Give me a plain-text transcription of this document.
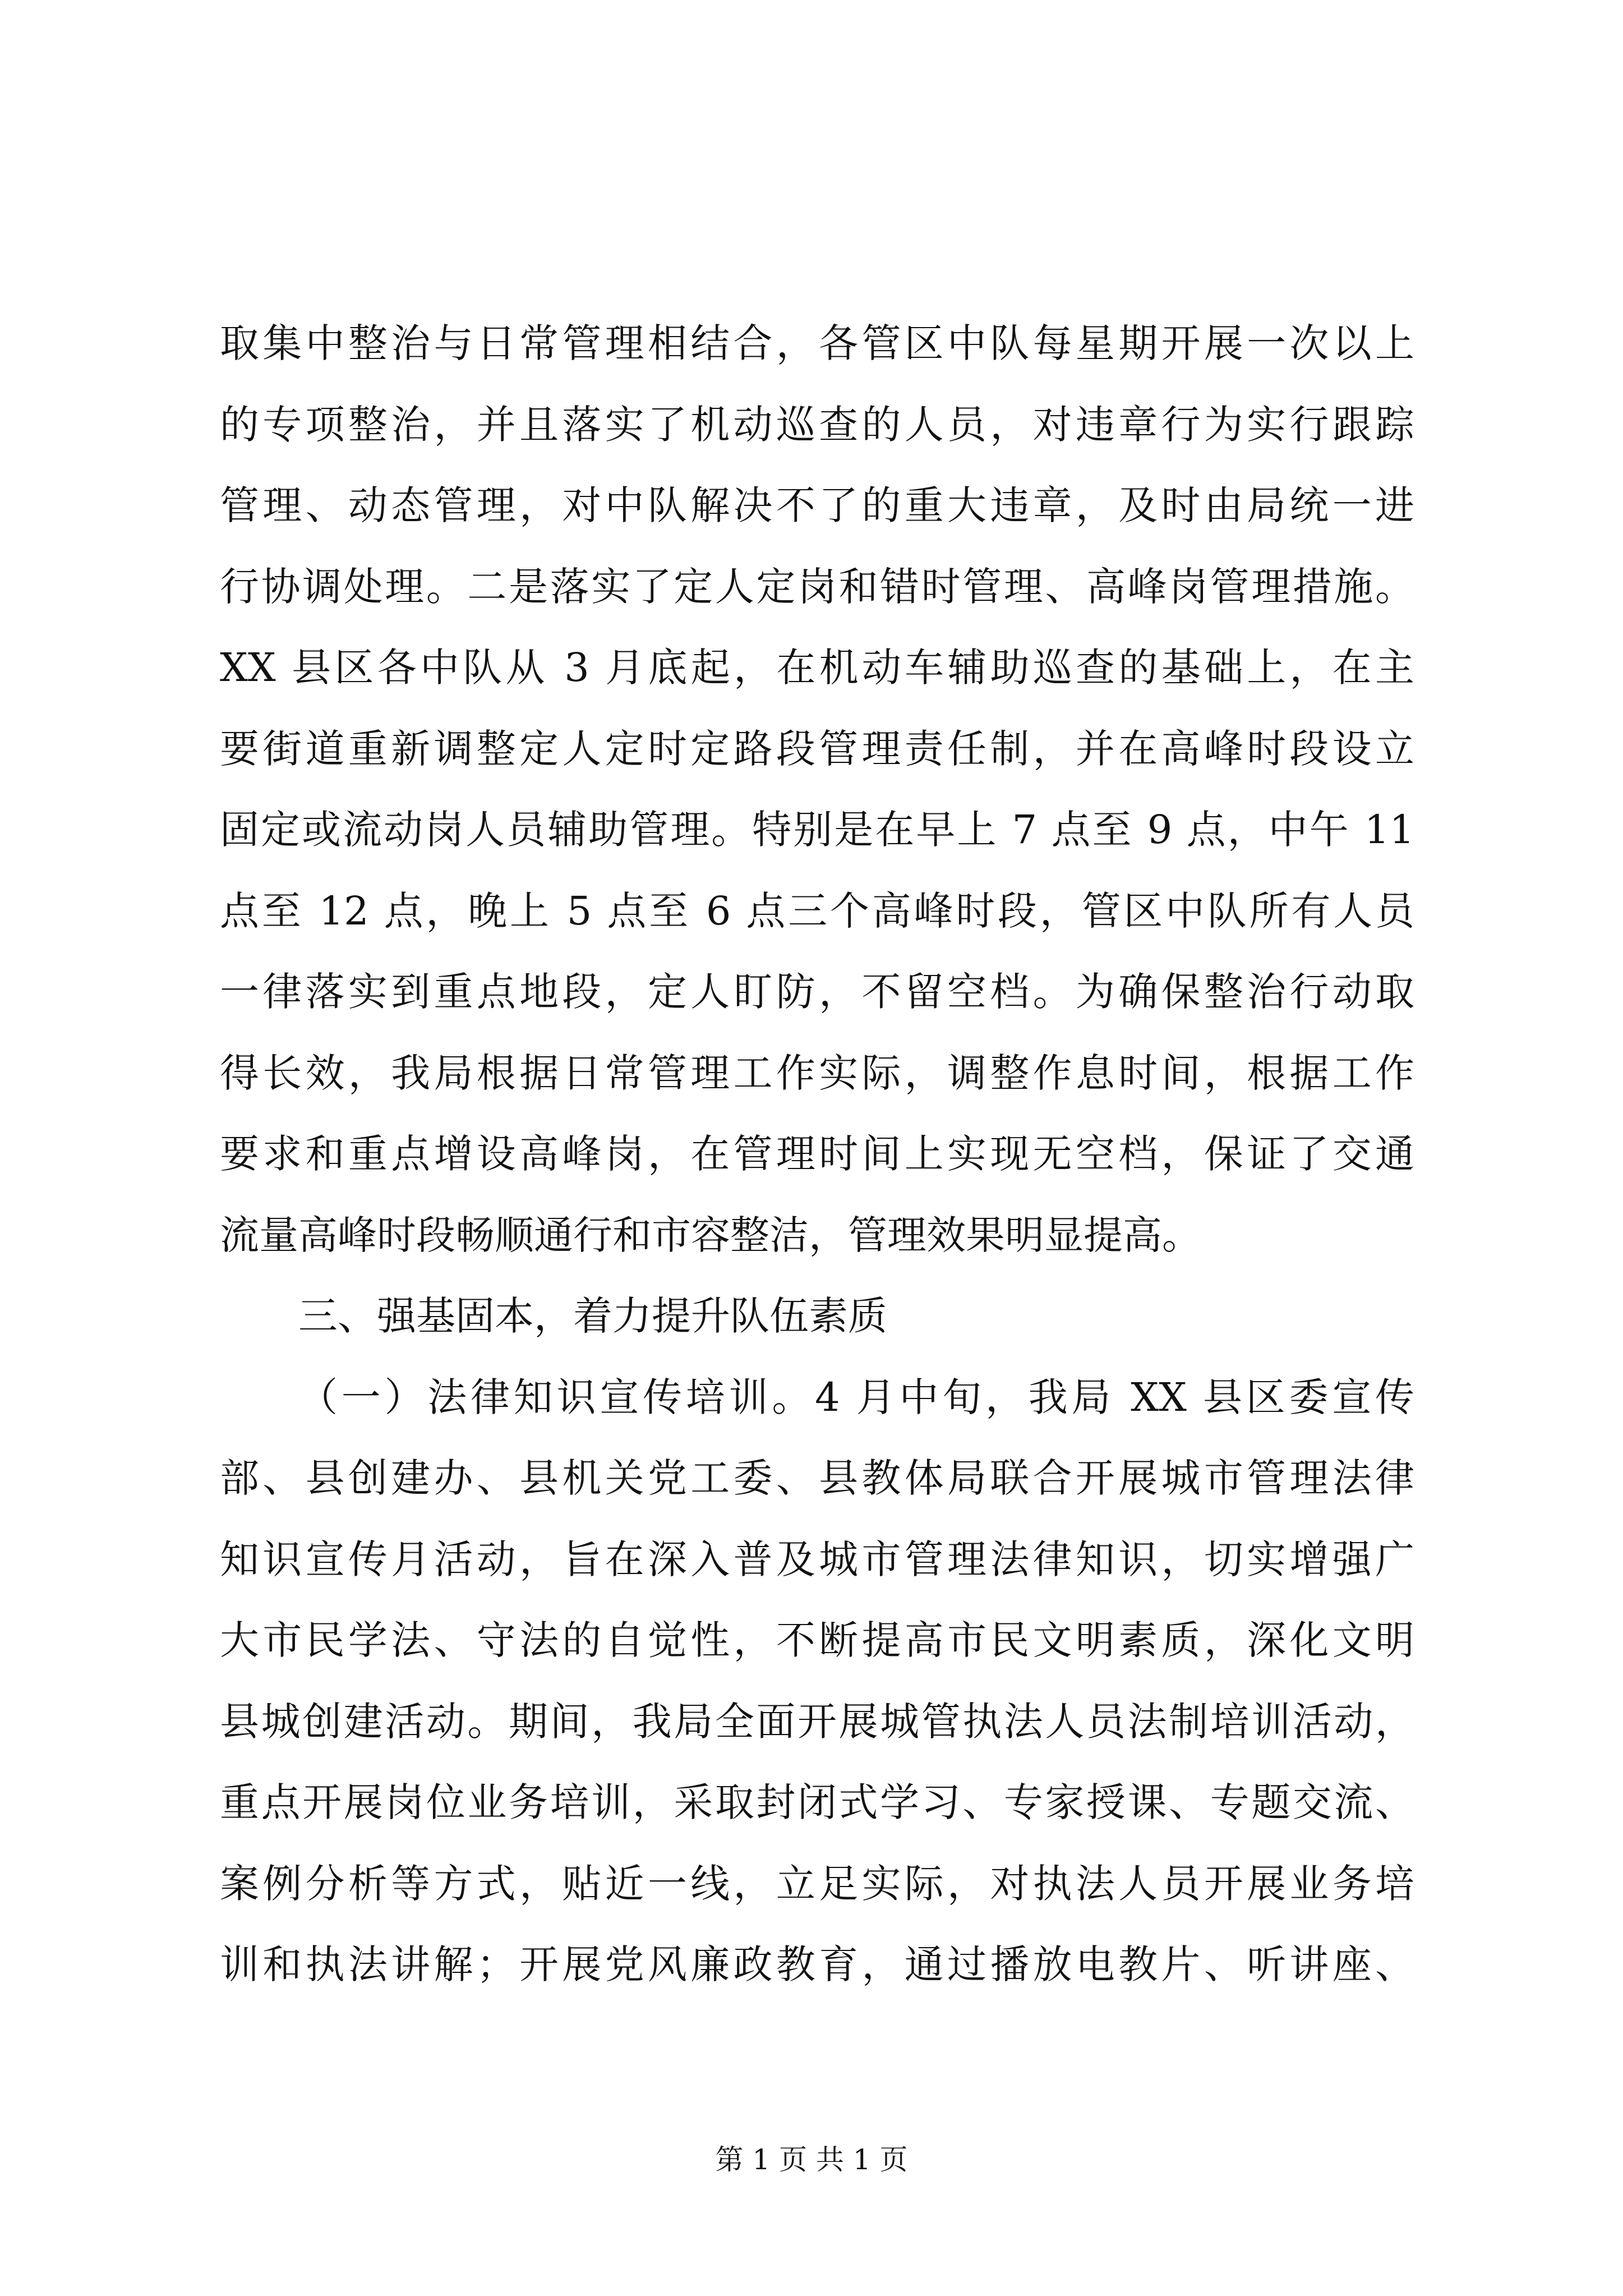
取集中整治与日常管理相结合，各管区中队每星期开展一次以上
的专项整治，并且落实了机动巡查的人员，对违章行为实行跟踪
管理、动态管理，对中队解决不了的重大违章，及时由局统一进
行协调处理。二是落实了定人定岗和错时管理、高峰岗管理措施。
XX 县区各中队从 3 月底起，在机动车辅助巡查的基础上，在主
要街道重新调整定人定时定路段管理责任制，并在高峰时段设立
固定或流动岗人员辅助管理。特别是在早上 7 点至 9 点，中午 11
点至 12 点，晚上 5 点至 6 点三个高峰时段，管区中队所有人员
一律落实到重点地段，定人盯防，不留空档。为确保整治行动取
得长效，我局根据日常管理工作实际，调整作息时间，根据工作
要求和重点增设高峰岗，在管理时间上实现无空档，保证了交通
流量高峰时段畅顺通行和市容整洁，管理效果明显提高。
三、强基固本，着力提升队伍素质
（一）法律知识宣传培训。4 月中旬，我局 XX 县区委宣传
部、县创建办、县机关党工委、县教体局联合开展城市管理法律
知识宣传月活动，旨在深入普及城市管理法律知识，切实增强广
大市民学法、守法的自觉性，不断提高市民文明素质，深化文明
县城创建活动。期间，我局全面开展城管执法人员法制培训活动，
重点开展岗位业务培训，采取封闭式学习、专家授课、专题交流、
案例分析等方式，贴近一线，立足实际，对执法人员开展业务培
训和执法讲解；开展党风廉政教育，通过播放电教片、听讲座、
第 1 页 共 1 页
